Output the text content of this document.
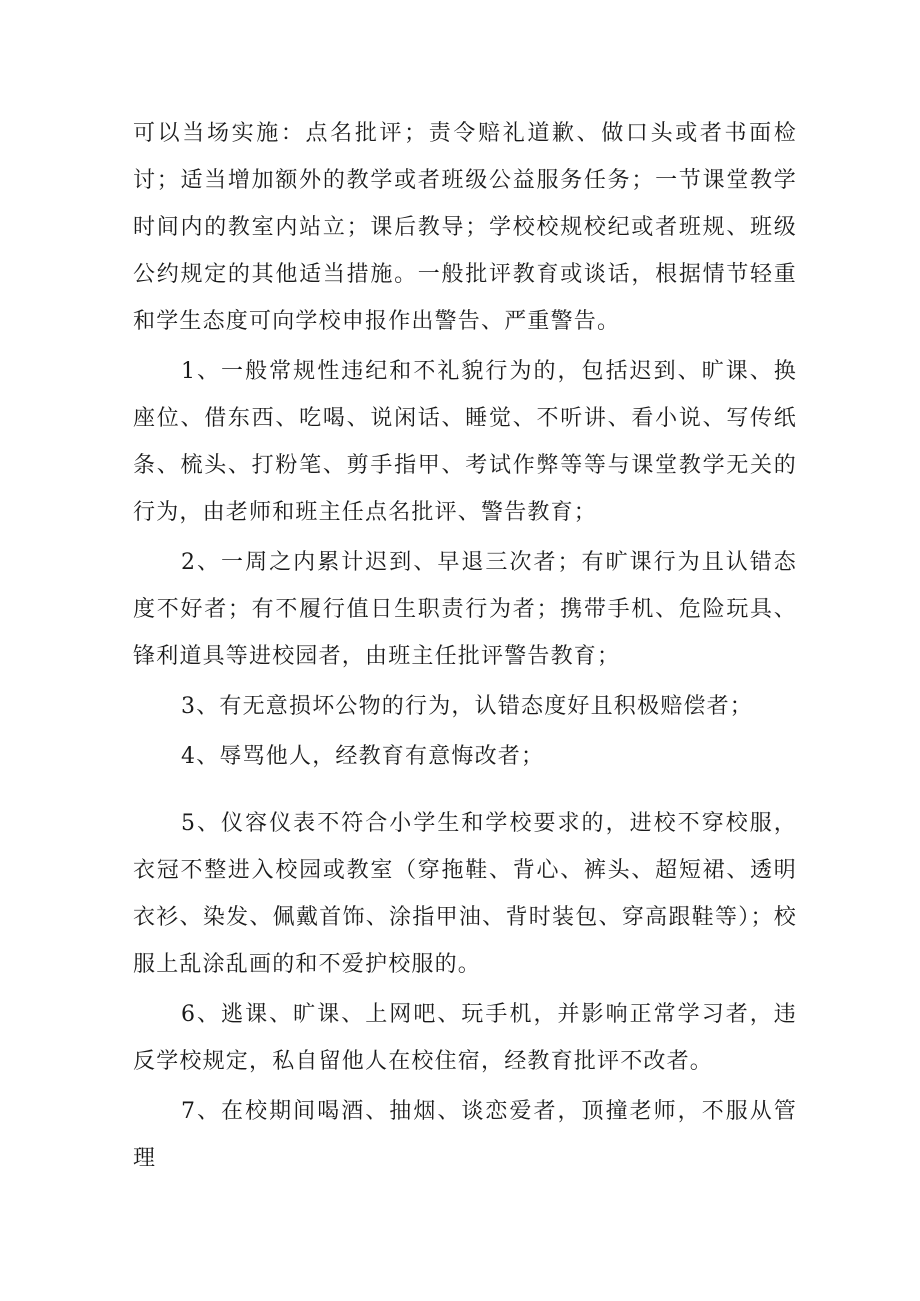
可以当场实施：点名批评；责令赔礼道歉、做口头或者书面检讨；适当增加额外的教学或者班级公益服务任务；一节课堂教学时间内的教室内站立；课后教导；学校校规校纪或者班规、班级公约规定的其他适当措施。一般批评教育或谈话，根据情节轻重和学生态度可向学校申报作出警告、严重警告。

1、一般常规性违纪和不礼貌行为的，包括迟到、旷课、换座位、借东西、吃喝、说闲话、睡觉、不听讲、看小说、写传纸条、梳头、打粉笔、剪手指甲、考试作弊等等与课堂教学无关的行为，由老师和班主任点名批评、警告教育；

2、一周之内累计迟到、早退三次者；有旷课行为且认错态度不好者；有不履行值日生职责行为者；携带手机、危险玩具、锋利道具等进校园者，由班主任批评警告教育；

3、有无意损坏公物的行为，认错态度好且积极赔偿者；

4、辱骂他人，经教育有意悔改者；

5、仪容仪表不符合小学生和学校要求的，进校不穿校服，衣冠不整进入校园或教室（穿拖鞋、背心、裤头、超短裙、透明衣衫、染发、佩戴首饰、涂指甲油、背时装包、穿高跟鞋等）；校服上乱涂乱画的和不爱护校服的。

6、逃课、旷课、上网吧、玩手机，并影响正常学习者，违反学校规定，私自留他人在校住宿，经教育批评不改者。

7、在校期间喝酒、抽烟、谈恋爱者，顶撞老师，不服从管理
